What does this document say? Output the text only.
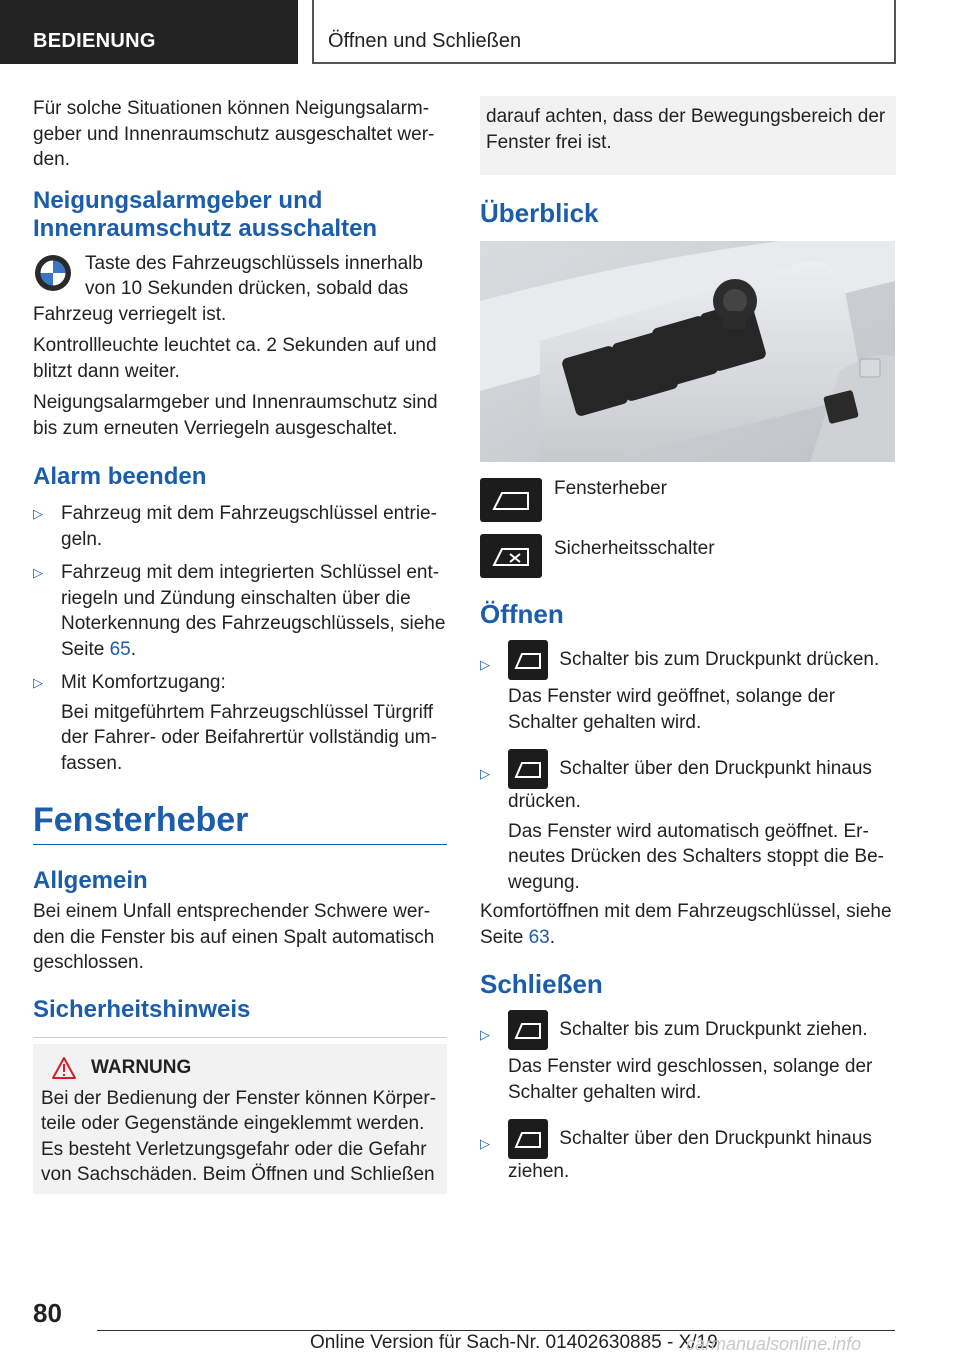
BEDIENUNG	Öffnen und Schließen

Für solche Situationen können Neigungsalarm-geber und Innenraumschutz ausgeschaltet wer-den.

Neigungsalarmgeber und Innenraumschutz ausschalten

Taste des Fahrzeugschlüssels innerhalb von 10 Sekunden drücken, sobald das Fahrzeug verriegelt ist.

Kontrollleuchte leuchtet ca. 2 Sekunden auf und blitzt dann weiter.

Neigungsalarmgeber und Innenraumschutz sind bis zum erneuten Verriegeln ausgeschaltet.

Alarm beenden
▷ Fahrzeug mit dem Fahrzeugschlüssel entrie-geln.
▷ Fahrzeug mit dem integrierten Schlüssel ent-riegeln und Zündung einschalten über die Noterkennung des Fahrzeugschlüssels, siehe Seite 65.
▷ Mit Komfortzugang:

Bei mitgeführtem Fahrzeugschlüssel Türgriff der Fahrer- oder Beifahrertür vollständig um-fassen.

Fensterheber
Allgemein

Bei einem Unfall entsprechender Schwere wer-den die Fenster bis auf einen Spalt automatisch geschlossen.

Sicherheitshinweis
WARNUNG

Bei der Bedienung der Fenster können Körper-teile oder Gegenstände eingeklemmt werden. Es besteht Verletzungsgefahr oder die Gefahr von Sachschäden. Beim Öffnen und Schließen

darauf achten, dass der Bewegungsbereich der Fenster frei ist.

Überblick
Fensterheber
Sicherheitsschalter
Öffnen
▷	Schalter bis zum Druckpunkt drücken.

Das Fenster wird geöffnet, solange der Schalter gehalten wird.

▷	Schalter über den Druckpunkt hinaus drücken.

Das Fenster wird automatisch geöffnet. Er-neutes Drücken des Schalters stoppt die Be-wegung.

Komfortöffnen mit dem Fahrzeugschlüssel, siehe Seite 63.

Schließen
▷	Schalter bis zum Druckpunkt ziehen.

Das Fenster wird geschlossen, solange der Schalter gehalten wird.

▷	Schalter über den Druckpunkt hinaus ziehen.
80
Online Version für Sach-Nr. 01402630885 - X/19
carmanualsonline.info
